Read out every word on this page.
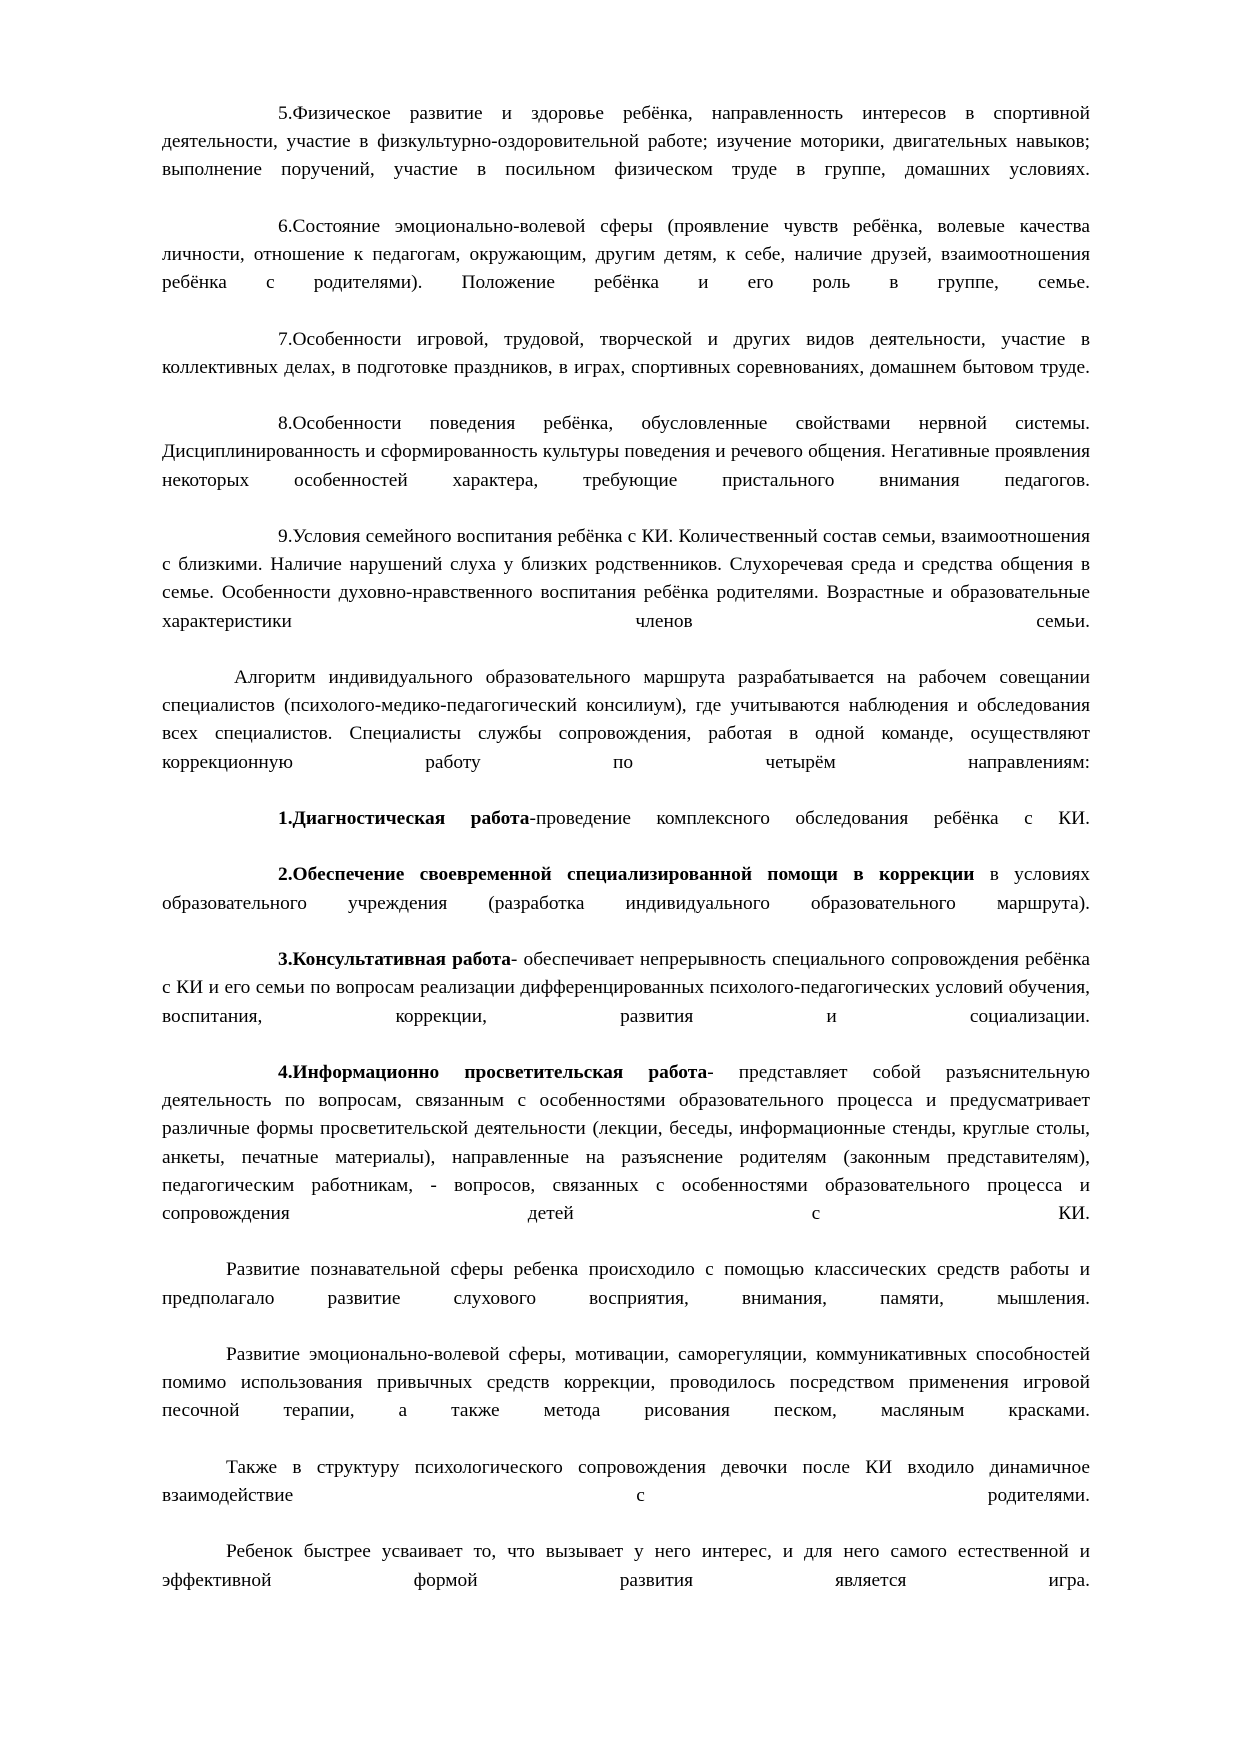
5.Физическое развитие и здоровье ребёнка, направленность интересов в спортивной деятельности, участие в физкультурно-оздоровительной работе; изучение моторики, двигательных навыков; выполнение поручений, участие в посильном физическом труде в группе, домашних условиях.

6.Состояние эмоционально-волевой сферы (проявление чувств ребёнка, волевые качества личности, отношение к педагогам, окружающим, другим детям, к себе, наличие друзей, взаимоотношения ребёнка с родителями). Положение ребёнка и его роль в группе, семье.

7.Особенности игровой, трудовой, творческой и других видов деятельности, участие в коллективных делах, в подготовке праздников, в играх, спортивных соревнованиях, домашнем бытовом труде.

8.Особенности поведения ребёнка, обусловленные свойствами нервной системы. Дисциплинированность и сформированность культуры поведения и речевого общения. Негативные проявления некоторых особенностей характера, требующие пристального внимания педагогов.

9.Условия семейного воспитания ребёнка с КИ. Количественный состав семьи, взаимоотношения с близкими. Наличие нарушений слуха у близких родственников. Слухоречевая среда и средства общения в семье. Особенности духовно-нравственного воспитания ребёнка родителями. Возрастные и образовательные характеристики членов семьи.

Алгоритм индивидуального образовательного маршрута разрабатывается на рабочем совещании специалистов (психолого-медико-педагогический консилиум), где учитываются наблюдения и обследования всех специалистов. Специалисты службы сопровождения, работая в одной команде, осуществляют коррекционную работу по четырём направлениям:

1.Диагностическая работа-проведение комплексного обследования ребёнка с КИ.

2.Обеспечение своевременной специализированной помощи в коррекции в условиях образовательного учреждения (разработка индивидуального образовательного маршрута).

3.Консультативная работа- обеспечивает непрерывность специального сопровождения ребёнка с КИ и его семьи по вопросам реализации дифференцированных психолого-педагогических условий обучения, воспитания, коррекции, развития и социализации.

4.Информационно просветительская работа- представляет собой разъяснительную деятельность по вопросам, связанным с особенностями образовательного процесса и предусматривает различные формы просветительской деятельности (лекции, беседы, информационные стенды, круглые столы, анкеты, печатные материалы), направленные на разъяснение родителям (законным представителям), педагогическим работникам, - вопросов, связанных с особенностями образовательного процесса и сопровождения детей с КИ.

Развитие познавательной сферы ребенка происходило с помощью классических средств работы и предполагало развитие слухового восприятия, внимания, памяти, мышления.

Развитие эмоционально-волевой сферы, мотивации, саморегуляции, коммуникативных способностей помимо использования привычных средств коррекции, проводилось посредством применения игровой песочной терапии, а также метода рисования песком, масляным красками.

Также в структуру психологического сопровождения девочки после КИ входило динамичное взаимодействие с родителями.

Ребенок быстрее усваивает то, что вызывает у него интерес, и для него самого естественной и эффективной формой развития является игра.
